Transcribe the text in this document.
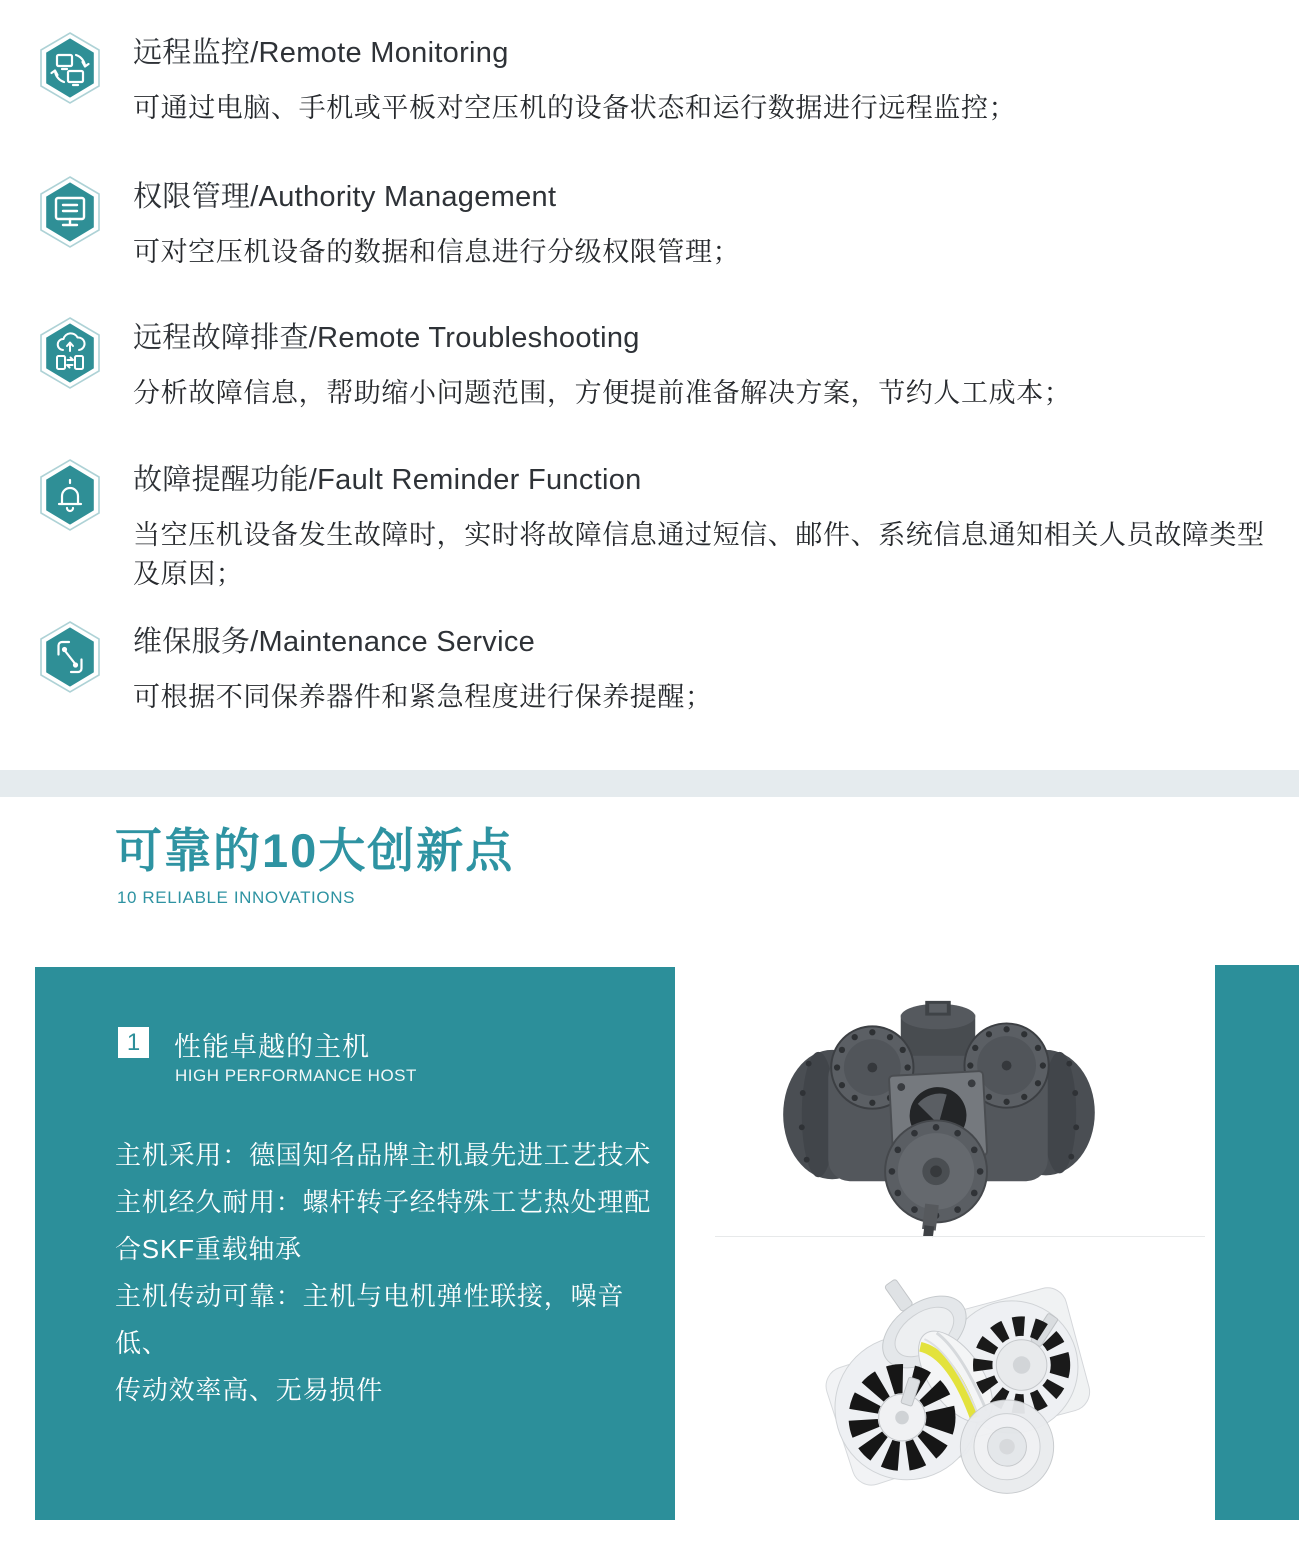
远程监控/Remote Monitoring
可通过电脑、手机或平板对空压机的设备状态和运行数据进行远程监控；
权限管理/Authority Management
可对空压机设备的数据和信息进行分级权限管理；
远程故障排查/Remote Troubleshooting
分析故障信息，帮助缩小问题范围，方便提前准备解决方案，节约人工成本；
故障提醒功能/Fault Reminder Function
当空压机设备发生故障时，实时将故障信息通过短信、邮件、系统信息通知相关人员故障类型及原因；
维保服务/Maintenance Service
可根据不同保养器件和紧急程度进行保养提醒；
可靠的10大创新点
10 RELIABLE INNOVATIONS
1	性能卓越的主机
HIGH PERFORMANCE HOST
主机采用：德国知名品牌主机最先进工艺技术
主机经久耐用：螺杆转子经特殊工艺热处理配
合SKF重载轴承
主机传动可靠：主机与电机弹性联接，噪音低、
传动效率高、无易损件
